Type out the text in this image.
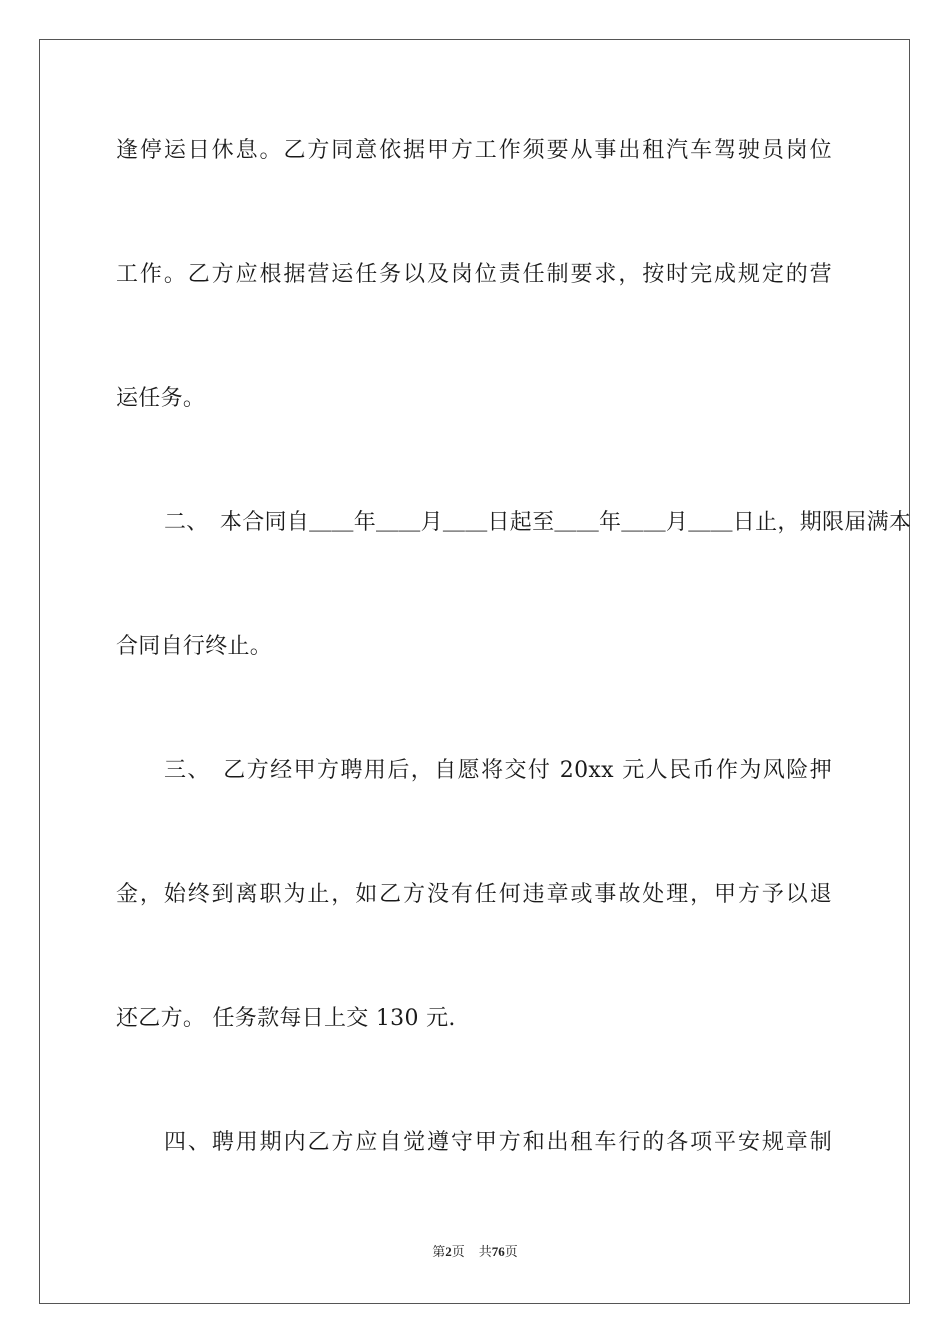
逢停运日休息。乙方同意依据甲方工作须要从事出租汽车驾驶员岗位
工作。乙方应根据营运任务以及岗位责任制要求，按时完成规定的营
运任务。
二、　本合同自＿＿年＿＿月＿＿日起至＿＿年＿＿月＿＿日止，期限届满本
合同自行终止。
三、　乙方经甲方聘用后，自愿将交付 20xx 元人民币作为风险押
金，始终到离职为止，如乙方没有任何违章或事故处理，甲方予以退
还乙方。 任务款每日上交 130 元.
四、聘用期内乙方应自觉遵守甲方和出租车行的各项平安规章制
第2页 共76页
